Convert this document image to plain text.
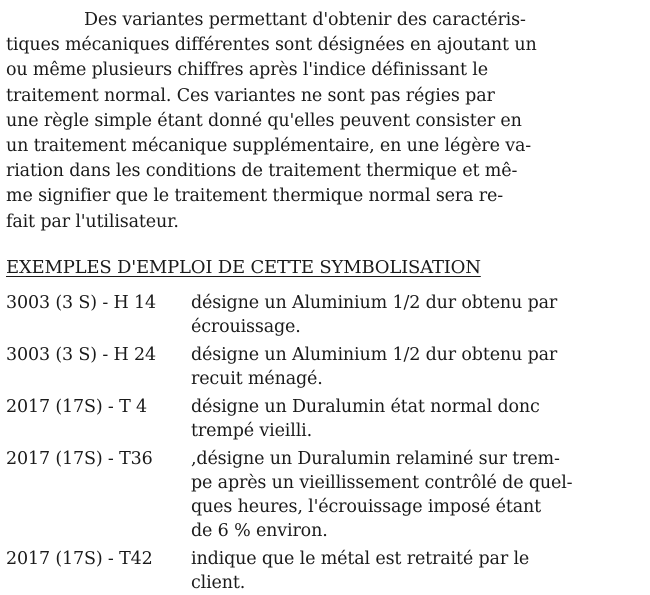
Des variantes permettant d'obtenir des caractéris-
tiques mécaniques différentes sont désignées en ajoutant un
ou même plusieurs chiffres après l'indice définissant le
traitement normal. Ces variantes ne sont pas régies par
une règle simple étant donné qu'elles peuvent consister en
un traitement mécanique supplémentaire, en une légère va-
riation dans les conditions de traitement thermique et mê-
me signifier que le traitement thermique normal sera re-
fait par l'utilisateur.
EXEMPLES D'EMPLOI DE CETTE SYMBOLISATION
3003 (3 S) - H 14 désigne un Aluminium 1/2 dur obtenu par
écrouissage.
3003 (3 S) - H 24 désigne un Aluminium 1/2 dur obtenu par
recuit ménagé.
2017 (17S) - T 4	désigne un Duralumin état normal donc
trempé vieilli.
2017 (17S) - T36 ,désigne un Duralumin relaminé sur trem-
pe après un vieillissement contrôlé de quel-
ques heures, l'écrouissage imposé étant
de 6 % environ.
2017 (17S) - T42 indique que le métal est retraité par le
client.
